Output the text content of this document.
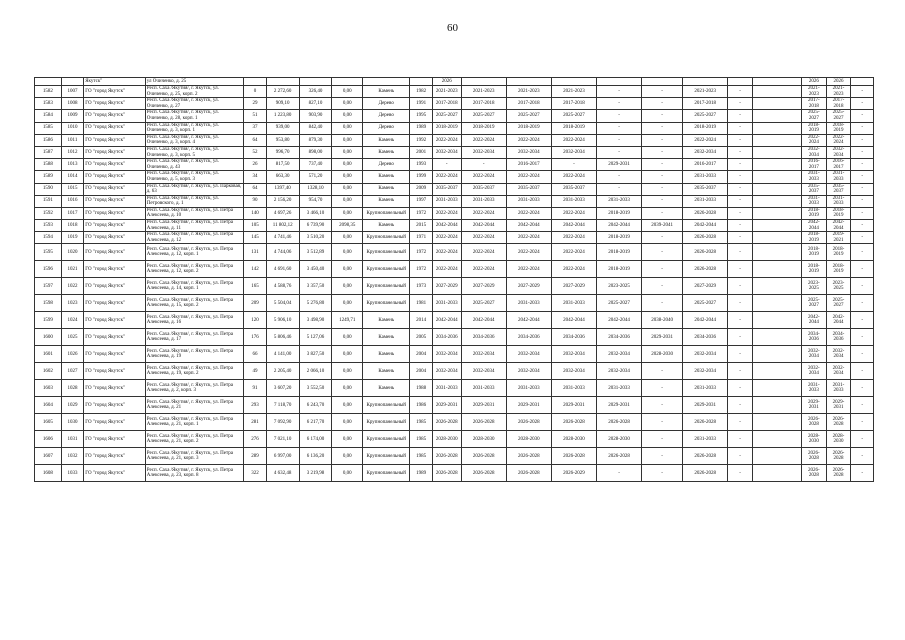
60
		Якутск"	ул Очиченко, д. 25							2026									2026	2026	
1582	1007	ГО "город Якутск"	Респ. Саха /Якутия/, г. Якутск, ул. Очиченко, д. 25, корп. 2	0	2 272,60	326,40	0,00	Камень	1982	2021-2023	2021-2023	2021-2023	2021-2023	-	-	2021-2023	-		2021-2023	2021-2023	-
1583	1008	ГО "город Якутск"	Респ. Саха /Якутия/, г. Якутск, ул. Очиченко, д. 27	29	909,10	827,10	0,00	Дерево	1991	2017-2018	2017-2018	2017-2018	2017-2018	-	-	2017-2018	-		2017-2018	2017-2018	-
1584	1009	ГО "город Якутск"	Респ. Саха /Якутия/, г. Якутск, ул. Очиченко, д. 28, корп. 1	51	1 223,80	903,90	0,00	Дерево	1995	2025-2027	2025-2027	2025-2027	2025-2027	-	-	2025-2027	-		2025-2027	2025-2027	-
1585	1010	ГО "город Якутск"	Респ. Саха /Якутия/, г. Якутск, ул. Очиченко, д. 3, корп. 1	37	939,00	842,40	0,00	Дерево	1989	2018-2019	2018-2019	2018-2019	2018-2019	-	-	2018-2019	-		2018-2019	2018-2019	-
1586	1011	ГО "город Якутск"	Респ. Саха /Якутия/, г. Якутск, ул. Очиченко, д. 3, корп. 4	64	953,80	879,30	0,00	Камень	1992	2022-2024	2022-2024	2022-2024	2022-2024	-	-	2022-2024	-		2022-2024	2022-2024	-
1587	1012	ГО "город Якутск"	Респ. Саха /Якутия/, г. Якутск, ул. Очиченко, д. 3, корп. 5	52	996,70	898,00	0,00	Камень	2001	2032-2034	2032-2034	2032-2034	2032-2034	-	-	2032-2034	-		2032-2034	2032-2034	-
1588	1013	ГО "город Якутск"	Респ. Саха /Якутия/, г. Якутск, ул. Очиченко, д. 43	26	817,50	737,40	0,00	Дерево	1993	-	-	2016-2017	-	2029-2031	-	2016-2017	-		2016-2017	2016-2017	-
1589	1014	ГО "город Якутск"	Респ. Саха /Якутия/, г. Якутск, ул. Очиченко, д. 5, корп. 3	34	663,30	571,20	0,00	Камень	1999	2022-2024	2022-2024	2022-2024	2022-2024	-	-	2031-2033	-		2031-2033	2031-2033	-
1590	1015	ГО "город Якутск"	Респ. Саха /Якутия/, г. Якутск, ул. Парковая, д. 63	64	1397,40	1328,10	0,00	Камень	2009	2035-2037	2035-2037	2035-2037	2035-2037	-	-	2035-2037	-		2035-2037	2035-2037	-
1591	1016	ГО "город Якутск"	Респ. Саха /Якутия/, г. Якутск, ул. Петровского, д. 1	90	2 156,20	954,70	0,00	Камень	1997	2031-2033	2031-2033	2031-2033	2031-2033	2031-2033	-	2031-2033	-		2031-2033	2031-2033	-
1592	1017	ГО "город Якутск"	Респ. Саха /Якутия/, г. Якутск, ул. Петра Алексеева, д. 10	140	4 697,26	3 466,10	0,00	Крупнопанельный	1972	2022-2024	2022-2024	2022-2024	2022-2024	2018-2019	-	2026-2028	-		2018-2019	2018-2019	-
1593	1018	ГО "город Якутск"	Респ. Саха /Якутия/, г. Якутск, ул. Петра Алексеева, д. 11	105	11 802,12	6 739,90	2098,35	Камень	2015	2042-2044	2042-2044	2042-2044	2042-2044	2042-2044	2039-2041	2042-2044	-		2042-2044	2042-2044	-
1594	1019	ГО "город Якутск"	Респ. Саха /Якутия/, г. Якутск, ул. Петра Алексеева, д. 12	145	4 741,46	3 510,20	0,00	Крупнопанельный	1971	2022-2024	2022-2024	2022-2024	2022-2024	2018-2019	-	2026-2028	-		2018-2019	2019-2021	-
1595	1020	ГО "город Якутск"	Респ. Саха /Якутия/, г. Якутск, ул. Петра Алексеева, д. 12, корп. 1	131	4 744,06	3 512,89	0,00	Крупнопанельный	1972	2022-2024	2022-2024	2022-2024	2022-2024	2018-2019	-	2026-2028	-		2018-2019	2018-2019	-
1596	1021	ГО "город Якутск"	Респ. Саха /Якутия/, г. Якутск, ул. Петра Алексеева, д. 12, корп. 2	142	4 691,60	3 450,40	0,00	Крупнопанельный	1972	2022-2024	2022-2024	2022-2024	2022-2024	2018-2019	-	2026-2028	-		2018-2019	2018-2019	-
1597	1022	ГО "город Якутск"	Респ. Саха /Якутия/, г. Якутск, ул. Петра Алексеева, д. 14, корп. 1	165	4 588,76	3 357,50	0,00	Крупнопанельный	1973	2027-2029	2027-2029	2027-2029	2027-2029	2023-2025	-	2027-2029	-		2023-2025	2023-2025	-
1598	1023	ГО "город Якутск"	Респ. Саха /Якутия/, г. Якутск, ул. Петра Алексеева, д. 15, корп. 2	209	5 504,04	5 276,80	0,00	Крупнопанельный	1981	2031-2033	2025-2027	2031-2033	2031-2033	2025-2027	-	2025-2027	-		2025-2027	2025-2027	-
1599	1024	ГО "город Якутск"	Респ. Саха /Якутия/, г. Якутск, ул. Петра Алексеева, д. 16	120	5 906,10	3 498,90	1249,71	Камень	2014	2042-2044	2042-2044	2042-2044	2042-2044	2042-2044	2038-2040	2042-2044	-		2042-2044	2042-2044	-
1600	1025	ГО "город Якутск"	Респ. Саха /Якутия/, г. Якутск, ул. Петра Алексеева, д. 17	176	5 806,46	5 127,06	0,00	Камень	2005	2034-2036	2034-2036	2034-2036	2034-2036	2034-2036	2029-2031	2034-2036	-		2034-2036	2034-2036	-
1601	1026	ГО "город Якутск"	Респ. Саха /Якутия/, г. Якутск, ул. Петра Алексеева, д. 19	66	4 141,00	3 827,50	0,00	Камень	2004	2032-2034	2032-2034	2032-2034	2032-2034	2032-2034	2028-2030	2032-2034	-		2032-2034	2032-2034	-
1602	1027	ГО "город Якутск"	Респ. Саха /Якутия/, г. Якутск, ул. Петра Алексеева, д. 19, корп. 2	49	2 205,40	2 066,10	0,00	Камень	2004	2032-2034	2032-2034	2032-2034	2032-2034	2032-2034	-	2032-2034	-		2032-2034	2032-2034	-
1603	1028	ГО "город Якутск"	Респ. Саха /Якутия/, г. Якутск, ул. Петра Алексеева, д. 2, корп. 3	91	3 607,20	3 552,50	0,00	Камень	1988	2031-2033	2031-2033	2031-2033	2031-2033	2031-2033	-	2031-2033	-		2031-2033	2031-2033	-
1604	1029	ГО "город Якутск"	Респ. Саха /Якутия/, г. Якутск, ул. Петра Алексеева, д. 21	293	7 118,70	6 243,70	0,00	Крупнопанельный	1986	2029-2031	2029-2031	2029-2031	2029-2031	2029-2031	-	2029-2031	-		2029-2031	2029-2031	-
1605	1030	ГО "город Якутск"	Респ. Саха /Якутия/, г. Якутск, ул. Петра Алексеева, д. 21, корп. 1	281	7 092,90	6 217,70	0,00	Крупнопанельный	1985	2026-2028	2026-2028	2026-2028	2026-2028	2026-2028	-	2026-2028	-		2026-2028	2026-2028	-
1606	1031	ГО "город Якутск"	Респ. Саха /Якутия/, г. Якутск, ул. Петра Алексеева, д. 21, корп. 2	276	7 021,10	6 174,00	0,00	Крупнопанельный	1985	2028-2030	2028-2030	2028-2030	2028-2030	2028-2030	-	2031-2033	-		2028-2030	2028-2030	-
1607	1032	ГО "город Якутск"	Респ. Саха /Якутия/, г. Якутск, ул. Петра Алексеева, д. 21, корп. 3	289	6 997,00	6 136,20	0,00	Крупнопанельный	1985	2026-2028	2026-2028	2026-2028	2026-2028	2026-2028	-	2026-2028	-		2026-2028	2026-2028	-
1608	1033	ГО "город Якутск"	Респ. Саха /Якутия/, г. Якутск, ул. Петра Алексеева, д. 23, корп. 8	322	4 632,48	3 219,98	0,00	Крупнопанельный	1989	2026-2028	2026-2028	2026-2028	2026-2029	-	-	2026-2028	-		2026-2028	2026-2028	-
